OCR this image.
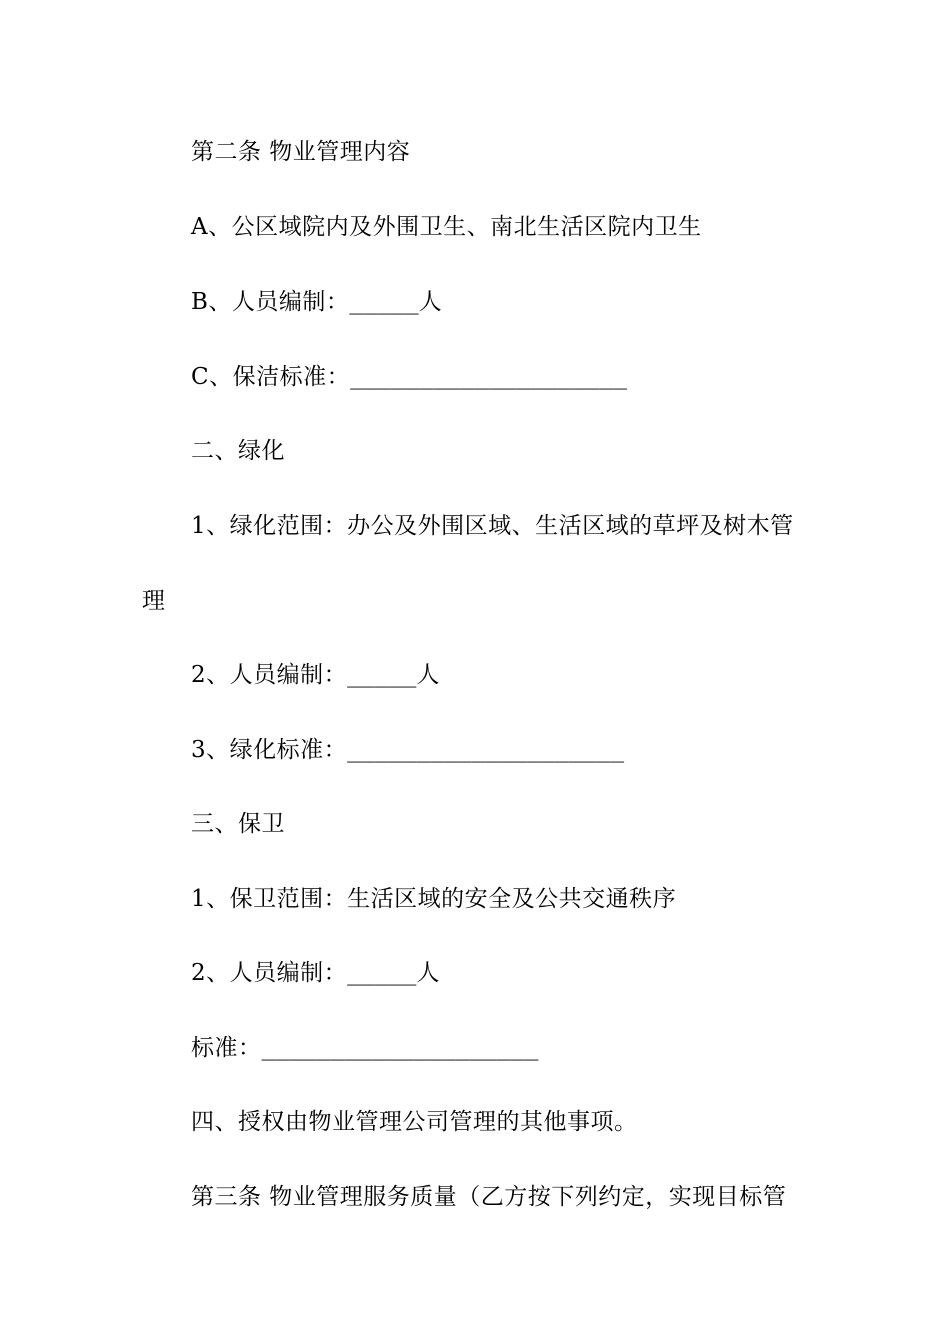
第二条 物业管理内容
A、公区域院内及外围卫生、南北生活区院内卫生
B、人员编制：_____人
C、保洁标准：____________________
二、绿化
1、绿化范围：办公及外围区域、生活区域的草坪及树木管
理
2、人员编制：_____人
3、绿化标准：____________________
三、保卫
1、保卫范围：生活区域的安全及公共交通秩序
2、人员编制：_____人
标准：____________________
四、授权由物业管理公司管理的其他事项。
第三条 物业管理服务质量（乙方按下列约定，实现目标管
